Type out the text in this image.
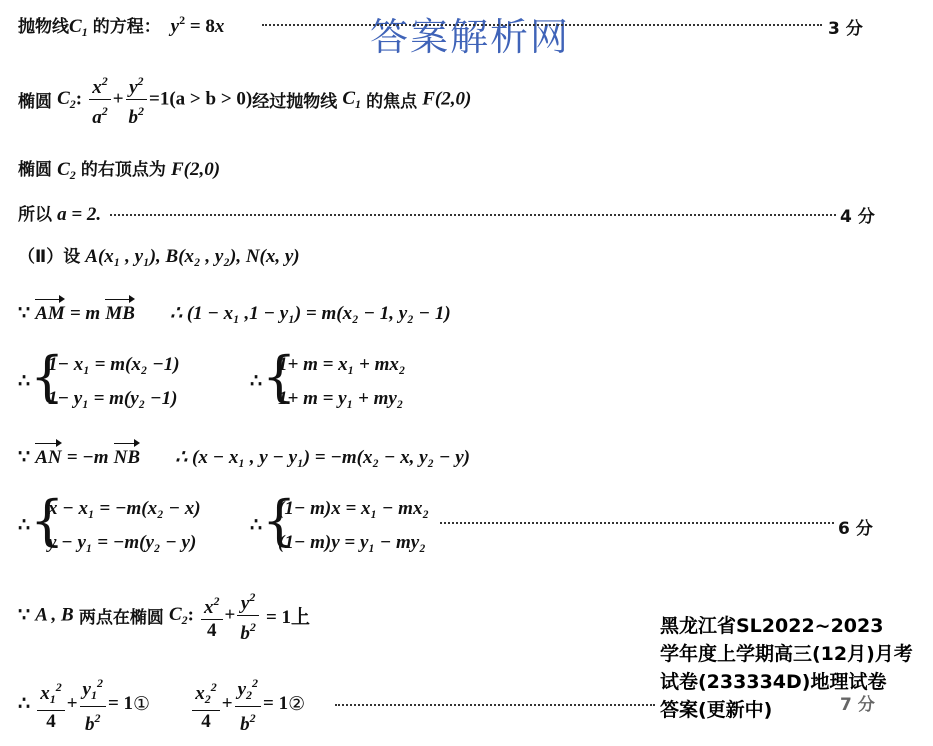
答案解析网
抛物线$C_1$ 的方程： $y^2 = 8x$	3 分
椭圆 $C_2$: $\frac{x^2}{a^2} + \frac{y^2}{b^2} =1(a > b > 0)$经过抛物线 $C_1$ 的焦点 F(2,0)
椭圆 $C_2$ 的右顶点为 F(2,0)
所以 a = 2.	4 分
（Ⅱ）设 A(x₁ , y₁), B(x₂ , y₂), N(x, y)
∵ AM = m MB ∴ (1 − x₁ ,1 − y₁) = m(x₂ − 1, y₂ − 1)
∴ {
1− x₁ = m(x₂ −1)
1− y₁ = m(y₂ −1)
∴ {
1+ m = x₁ + mx₂
1+ m = y₁ + my₂
∵ AN = −m NB ∴ (x − x₁ , y − y₁) = −m(x₂ − x, y₂ − y)
∴ {
x − x₁ = −m(x₂ − x)
y − y₁ = −m(y₂ − y)
∴ {
(1− m)x = x₁ − mx₂
(1− m)y = y₁ − my₂
6 分
∵ A , B 两点在椭圆 $C_2$: $\frac{x^2}{4} + \frac{y^2}{b^2} = 1$上
∴ $\frac{x_1^2}{4} + \frac{y_1^2}{b^2}$ = 1① $\frac{x_2^2}{4} + \frac{y_2^2}{b^2}$ = 1②	7 分
黑龙江省SL2022~2023
学年度上学期高三(12月)月考
试卷(233334D)地理试卷
答案(更新中)
